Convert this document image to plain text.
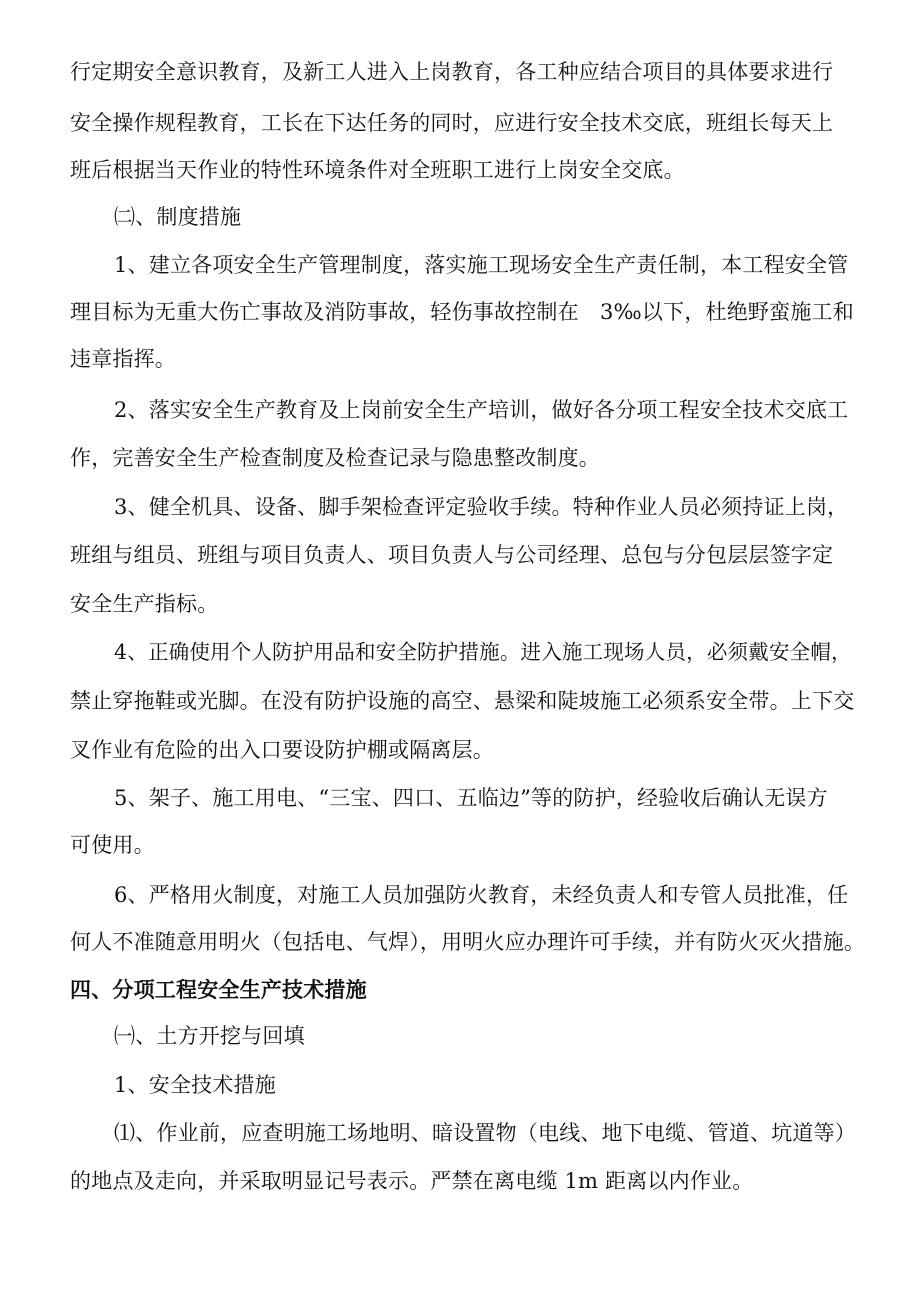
行定期安全意识教育，及新工人进入上岗教育，各工种应结合项目的具体要求进行
安全操作规程教育，工长在下达任务的同时，应进行安全技术交底，班组长每天上
班后根据当天作业的特性环境条件对全班职工进行上岗安全交底。
㈡、制度措施
1、建立各项安全生产管理制度，落实施工现场安全生产责任制，本工程安全管
理目标为无重大伤亡事故及消防事故，轻伤事故控制在　3‰以下，杜绝野蛮施工和
违章指挥。
2、落实安全生产教育及上岗前安全生产培训，做好各分项工程安全技术交底工
作，完善安全生产检查制度及检查记录与隐患整改制度。
3、健全机具、设备、脚手架检查评定验收手续。特种作业人员必须持证上岗，
班组与组员、班组与项目负责人、项目负责人与公司经理、总包与分包层层签字定
安全生产指标。
4、正确使用个人防护用品和安全防护措施。进入施工现场人员，必须戴安全帽，
禁止穿拖鞋或光脚。在没有防护设施的高空、悬梁和陡坡施工必须系安全带。上下交
叉作业有危险的出入口要设防护棚或隔离层。
5、架子、施工用电、“三宝、四口、五临边”等的防护，经验收后确认无误方
可使用。
6、严格用火制度，对施工人员加强防火教育，未经负责人和专管人员批准，任
何人不准随意用明火（包括电、气焊），用明火应办理许可手续，并有防火灭火措施。
四、分项工程安全生产技术措施
㈠、土方开挖与回填
1、安全技术措施
⑴、作业前，应查明施工场地明、暗设置物（电线、地下电缆、管道、坑道等）
的地点及走向，并采取明显记号表示。严禁在离电缆 1m 距离以内作业。
